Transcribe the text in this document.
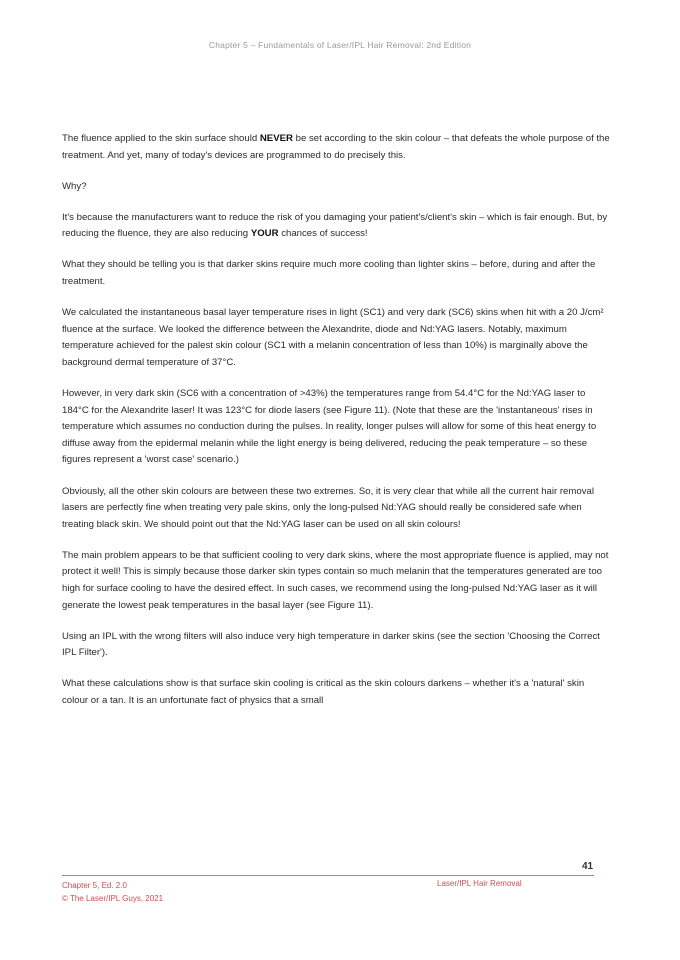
Chapter 5 – Fundamentals of Laser/IPL Hair Removal: 2nd Edition

The fluence applied to the skin surface should NEVER be set according to the skin colour – that defeats the whole purpose of the treatment. And yet, many of today's devices are programmed to do precisely this.

Why?

It's because the manufacturers want to reduce the risk of you damaging your patient's/client's skin – which is fair enough. But, by reducing the fluence, they are also reducing YOUR chances of success!

What they should be telling you is that darker skins require much more cooling than lighter skins – before, during and after the treatment.

We calculated the instantaneous basal layer temperature rises in light (SC1) and very dark (SC6) skins when hit with a 20 J/cm² fluence at the surface. We looked the difference between the Alexandrite, diode and Nd:YAG lasers. Notably, maximum temperature achieved for the palest skin colour (SC1 with a melanin concentration of less than 10%) is marginally above the background dermal temperature of 37°C.

However, in very dark skin (SC6 with a concentration of >43%) the temperatures range from 54.4°C for the Nd:YAG laser to 184°C for the Alexandrite laser! It was 123°C for diode lasers (see Figure 11). (Note that these are the 'instantaneous' rises in temperature which assumes no conduction during the pulses. In reality, longer pulses will allow for some of this heat energy to diffuse away from the epidermal melanin while the light energy is being delivered, reducing the peak temperature – so these figures represent a 'worst case' scenario.)

Obviously, all the other skin colours are between these two extremes. So, it is very clear that while all the current hair removal lasers are perfectly fine when treating very pale skins, only the long-pulsed Nd:YAG should really be considered safe when treating black skin. We should point out that the Nd:YAG laser can be used on all skin colours!

The main problem appears to be that sufficient cooling to very dark skins, where the most appropriate fluence is applied, may not protect it well! This is simply because those darker skin types contain so much melanin that the temperatures generated are too high for surface cooling to have the desired effect. In such cases, we recommend using the long-pulsed Nd:YAG laser as it will generate the lowest peak temperatures in the basal layer (see Figure 11).

Using an IPL with the wrong filters will also induce very high temperature in darker skins (see the section 'Choosing the Correct IPL Filter').

What these calculations show is that surface skin cooling is critical as the skin colours darkens – whether it's a 'natural' skin colour or a tan. It is an unfortunate fact of physics that a small

41
Chapter 5, Ed. 2.0
© The Laser/IPL Guys, 2021
Laser/IPL Hair Removal
